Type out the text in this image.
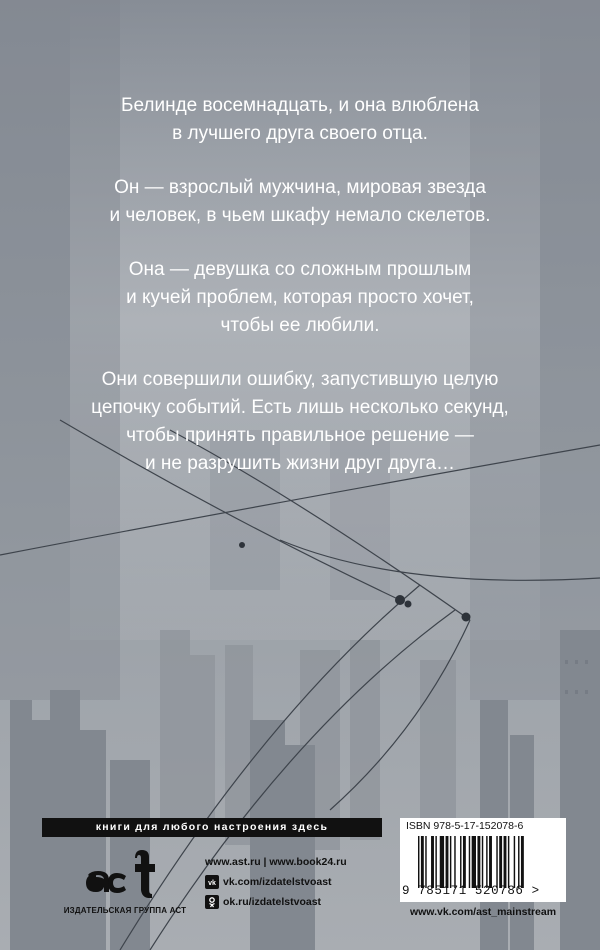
Белинде восемнадцать, и она влюблена
в лучшего друга своего отца.

Он — взрослый мужчина, мировая звезда
и человек, в чьем шкафу немало скелетов.

Она — девушка со сложным прошлым
и кучей проблем, которая просто хочет,
чтобы ее любили.

Они совершили ошибку, запустившую целую
цепочку событий. Есть лишь несколько секунд,
чтобы принять правильное решение —
и не разрушить жизни друг друга…

книги для любого настроения здесь
ИЗДАТЕЛЬСКАЯ ГРУППА АСТ
www.ast.ru | www.book24.ru
vk vk.com/izdatelstvoast
ok.ru/izdatelstvoast
ISBN 978-5-17-152078-6
9 785171 520786 >
www.vk.com/ast_mainstream
